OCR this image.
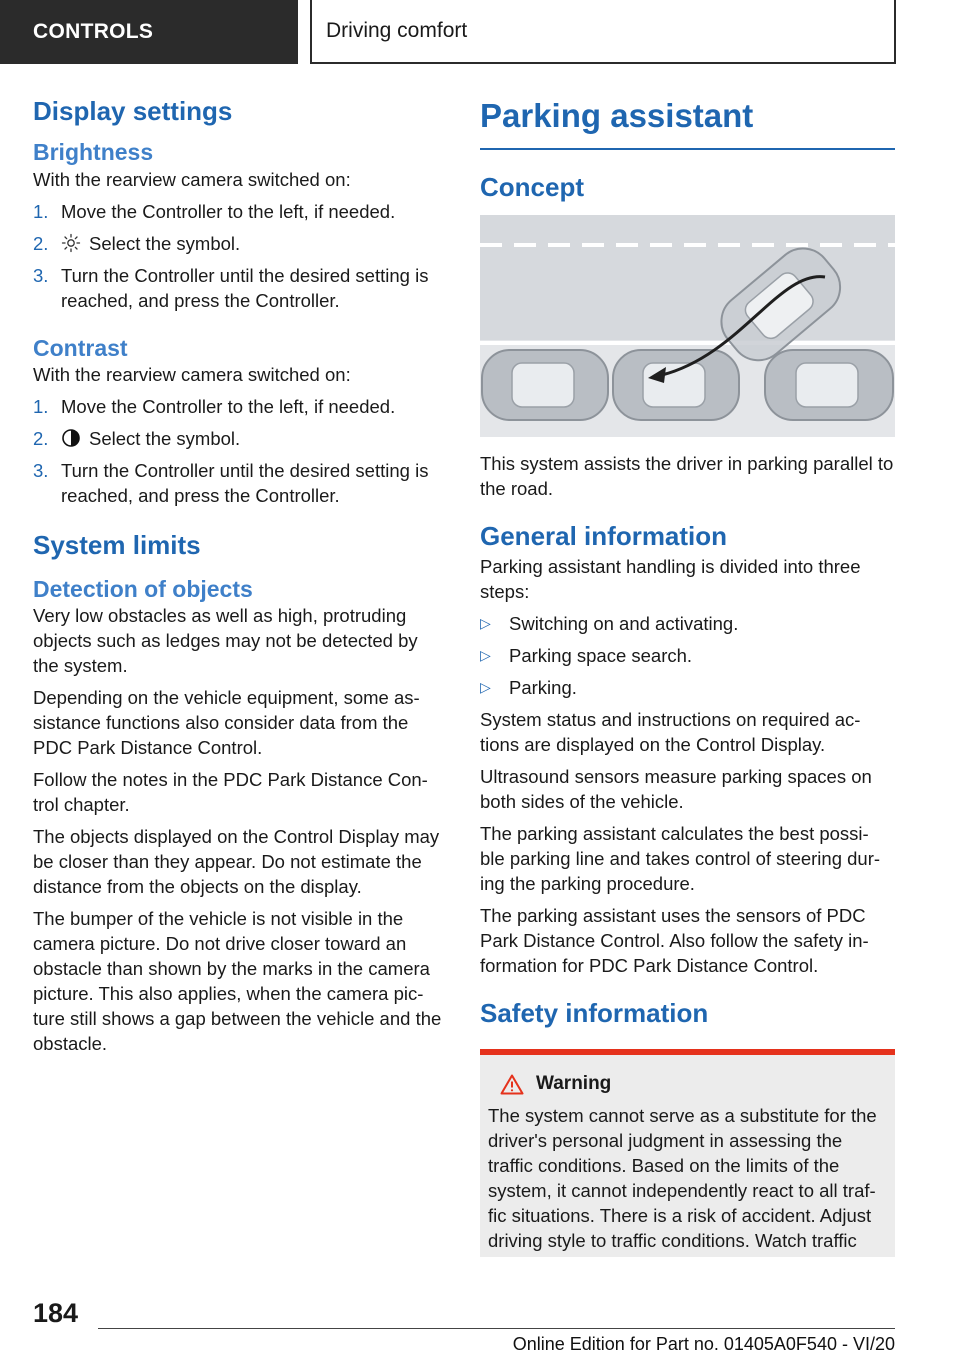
CONTROLS	Driving comfort
Display settings
Brightness

With the rearview camera switched on:

1. Move the Controller to the left, if needed.
2.	Select the symbol.
3. Turn the Controller until the desired setting is reached, and press the Controller.
Contrast

With the rearview camera switched on:

1. Move the Controller to the left, if needed.
2.	Select the symbol.
3. Turn the Controller until the desired setting is reached, and press the Controller.
System limits
Detection of objects

Very low obstacles as well as high, protruding objects such as ledges may not be detected by the system.

Depending on the vehicle equipment, some as‐ sistance functions also consider data from the PDC Park Distance Control.

Follow the notes in the PDC Park Distance Con‐ trol chapter.

The objects displayed on the Control Display may be closer than they appear. Do not estimate the distance from the objects on the display.

The bumper of the vehicle is not visible in the camera picture. Do not drive closer toward an obstacle than shown by the marks in the camera picture. This also applies, when the camera pic‐ ture still shows a gap between the vehicle and the obstacle.

Parking assistant
Concept

This system assists the driver in parking parallel to the road.

General information

Parking assistant handling is divided into three steps:

▷ Switching on and activating.
▷ Parking space search.
▷ Parking.

System status and instructions on required ac‐ tions are displayed on the Control Display.

Ultrasound sensors measure parking spaces on both sides of the vehicle.

The parking assistant calculates the best possi‐ ble parking line and takes control of steering dur‐ ing the parking procedure.

The parking assistant uses the sensors of PDC Park Distance Control. Also follow the safety in‐ formation for PDC Park Distance Control.

Safety information
Warning

The system cannot serve as a substitute for the driver's personal judgment in assessing the traffic conditions. Based on the limits of the system, it cannot independently react to all traf‐ fic situations. There is a risk of accident. Adjust driving style to traffic conditions. Watch traffic

184
Online Edition for Part no. 01405A0F540 - VI/20
